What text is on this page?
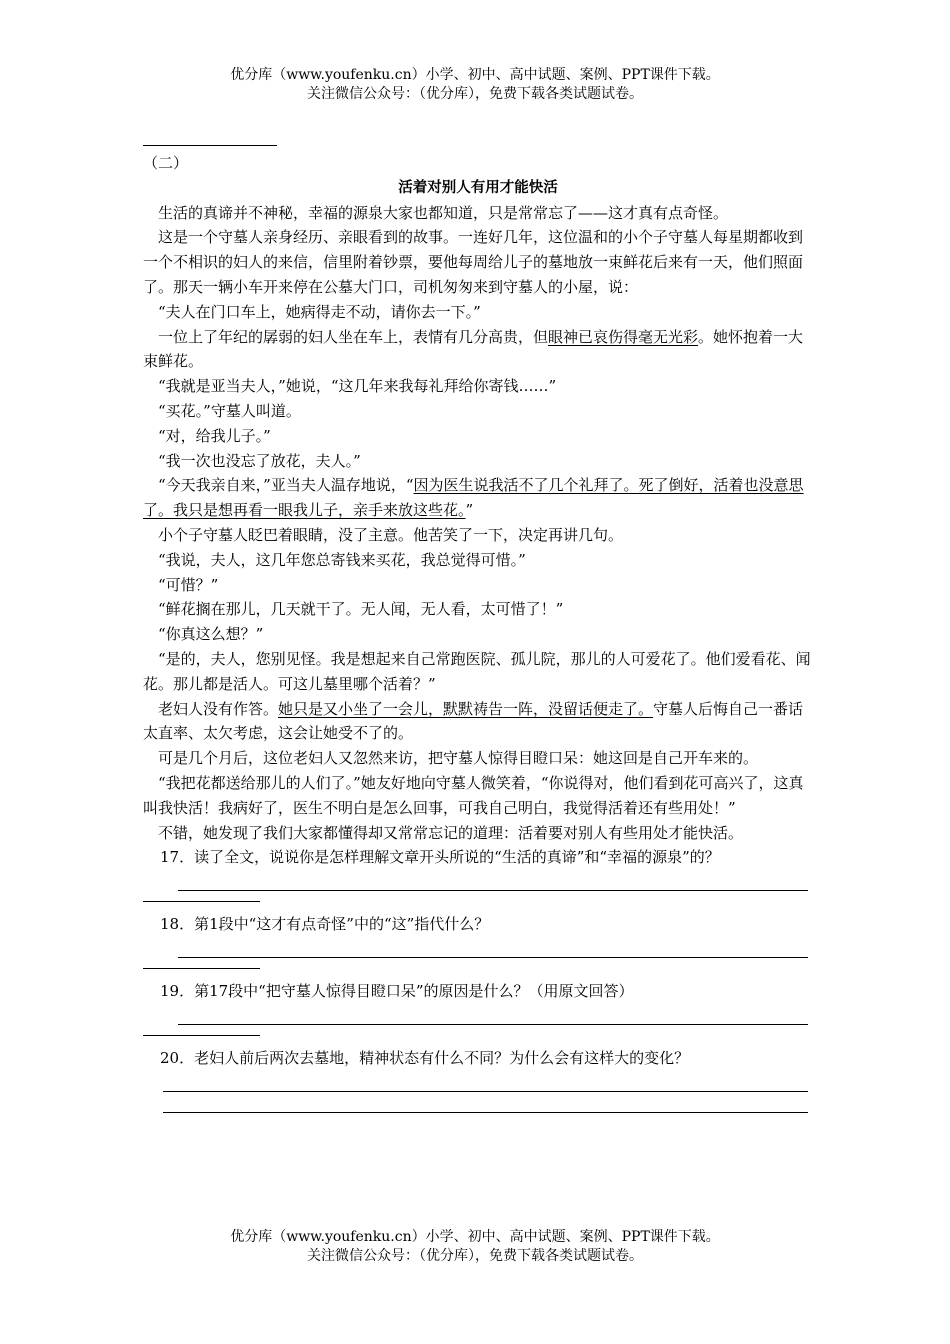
优分库（www.youfenku.cn）小学、初中、高中试题、案例、PPT课件下载。
关注微信公众号：（优分库），免费下载各类试题试卷。

（二）

活着对别人有用才能快活

生活的真谛并不神秘，幸福的源泉大家也都知道，只是常常忘了——这才真有点奇怪。

这是一个守墓人亲身经历、亲眼看到的故事。一连好几年，这位温和的小个子守墓人每星期都收到一个不相识的妇人的来信，信里附着钞票，要他每周给儿子的墓地放一束鲜花后来有一天，他们照面了。那天一辆小车开来停在公墓大门口，司机匆匆来到守墓人的小屋，说：

“夫人在门口车上，她病得走不动，请你去一下。”

一位上了年纪的孱弱的妇人坐在车上，表情有几分高贵，但眼神已哀伤得毫无光彩。她怀抱着一大束鲜花。

“我就是亚当夫人，”她说，“这几年来我每礼拜给你寄钱……”

“买花。”守墓人叫道。

“对，给我儿子。”

“我一次也没忘了放花，夫人。”

“今天我亲自来，”亚当夫人温存地说，“因为医生说我活不了几个礼拜了。死了倒好，活着也没意思了。我只是想再看一眼我儿子，亲手来放这些花。”

小个子守墓人眨巴着眼睛，没了主意。他苦笑了一下，决定再讲几句。

“我说，夫人，这几年您总寄钱来买花，我总觉得可惜。”

“可惜？”

“鲜花搁在那儿，几天就干了。无人闻，无人看，太可惜了！”

“你真这么想？”

“是的，夫人，您别见怪。我是想起来自己常跑医院、孤儿院，那儿的人可爱花了。他们爱看花、闻花。那儿都是活人。可这儿墓里哪个活着？”

老妇人没有作答。她只是又小坐了一会儿，默默祷告一阵，没留话便走了。守墓人后悔自己一番话太直率、太欠考虑，这会让她受不了的。

可是几个月后，这位老妇人又忽然来访，把守墓人惊得目瞪口呆：她这回是自己开车来的。

“我把花都送给那儿的人们了。”她友好地向守墓人微笑着，“你说得对，他们看到花可高兴了，这真叫我快活！我病好了，医生不明白是怎么回事，可我自己明白，我觉得活着还有些用处！”

不错，她发现了我们大家都懂得却又常常忘记的道理：活着要对别人有些用处才能快活。

17．读了全文，说说你是怎样理解文章开头所说的“生活的真谛”和“幸福的源泉”的？

18．第1段中“这才有点奇怪”中的“这”指代什么？

19．第17段中“把守墓人惊得目瞪口呆”的原因是什么？（用原文回答）

20．老妇人前后两次去墓地，精神状态有什么不同？为什么会有这样大的变化？

优分库（www.youfenku.cn）小学、初中、高中试题、案例、PPT课件下载。
关注微信公众号：（优分库），免费下载各类试题试卷。
